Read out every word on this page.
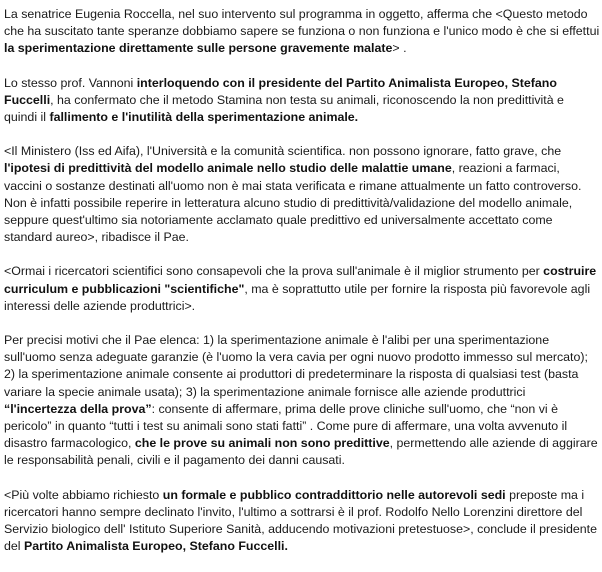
La senatrice Eugenia Roccella, nel suo intervento sul programma in oggetto, afferma che <Questo metodo che ha suscitato tante speranze dobbiamo sapere se funziona o non funziona e l'unico modo è che si effettui la sperimentazione direttamente sulle persone gravemente malate> .

Lo stesso prof. Vannoni interloquendo con il presidente del Partito Animalista Europeo, Stefano Fuccelli, ha confermato che il metodo Stamina non testa su animali, riconoscendo la non predittività e quindi il fallimento e l'inutilità della sperimentazione animale.

<Il Ministero (Iss ed Aifa), l'Università e la comunità scientifica. non possono ignorare, fatto grave, che l'ipotesi di predittività del modello animale nello studio delle malattie umane, reazioni a farmaci, vaccini o sostanze destinati all'uomo non è mai stata verificata e rimane attualmente un fatto controverso. Non è infatti possibile reperire in letteratura alcuno studio di predittività/validazione del modello animale, seppure quest'ultimo sia notoriamente acclamato quale predittivo ed universalmente accettato come standard aureo>, ribadisce il Pae.

<Ormai i ricercatori scientifici sono consapevoli che la prova sull'animale è il miglior strumento per costruire curriculum e pubblicazioni "scientifiche", ma è soprattutto utile per fornire la risposta più favorevole agli interessi delle aziende produttrici>.

Per precisi motivi che il Pae elenca: 1) la sperimentazione animale è l'alibi per una sperimentazione sull'uomo senza adeguate garanzie (è l'uomo la vera cavia per ogni nuovo prodotto immesso sul mercato); 2) la sperimentazione animale consente ai produttori di predeterminare la risposta di qualsiasi test (basta variare la specie animale usata); 3) la sperimentazione animale fornisce alle aziende produttrici “l'incertezza della prova”: consente di affermare, prima delle prove cliniche sull'uomo, che “non vi è pericolo” in quanto “tutti i test su animali sono stati fatti” . Come pure di affermare, una volta avvenuto il disastro farmacologico, che le prove su animali non sono predittive, permettendo alle aziende di aggirare le responsabilità penali, civili e il pagamento dei danni causati.

<Più volte abbiamo richiesto un formale e pubblico contraddittorio nelle autorevoli sedi preposte ma i ricercatori hanno sempre declinato l'invito, l'ultimo a sottrarsi è il prof. Rodolfo Nello Lorenzini direttore del Servizio biologico dell' Istituto Superiore Sanità, adducendo motivazioni pretestuose>, conclude il presidente del Partito Animalista Europeo, Stefano Fuccelli.
